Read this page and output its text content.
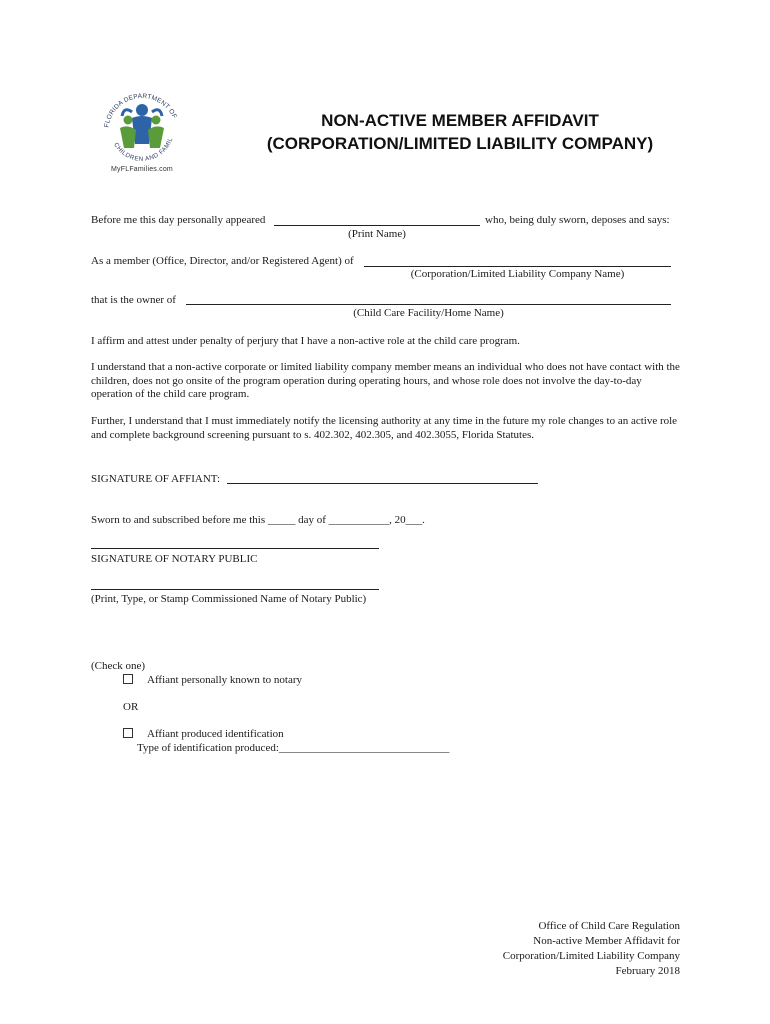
FLORIDA DEPARTMENT OF
CHILDREN AND FAMIL
MyFLFamilies.com
NON-ACTIVE MEMBER AFFIDAVIT
(CORPORATION/LIMITED LIABILITY COMPANY)
Before me this day personally appeared	who, being duly sworn, deposes and says:
(Print Name)
As a member (Office, Director, and/or Registered Agent) of
(Corporation/Limited Liability Company Name)
that is the owner of
(Child Care Facility/Home Name)
I affirm and attest under penalty of perjury that I have a non-active role at the child care program.
I understand that a non-active corporate or limited liability company member means an individual who does not have contact with the children, does not go onsite of the program operation during operating hours, and whose role does not involve the day-to-day operation of the child care program.
Further, I understand that I must immediately notify the licensing authority at any time in the future my role changes to an active role and complete background screening pursuant to s. 402.302, 402.305, and 402.3055, Florida Statutes.
SIGNATURE OF AFFIANT:
Sworn to and subscribed before me this _____ day of ___________, 20___.
SIGNATURE OF NOTARY PUBLIC
(Print, Type, or Stamp Commissioned Name of Notary Public)
(Check one)
Affiant personally known to notary
OR
Affiant produced identification
Type of identification produced:_______________________________
Office of Child Care Regulation
Non-active Member Affidavit for
Corporation/Limited Liability Company
February 2018
